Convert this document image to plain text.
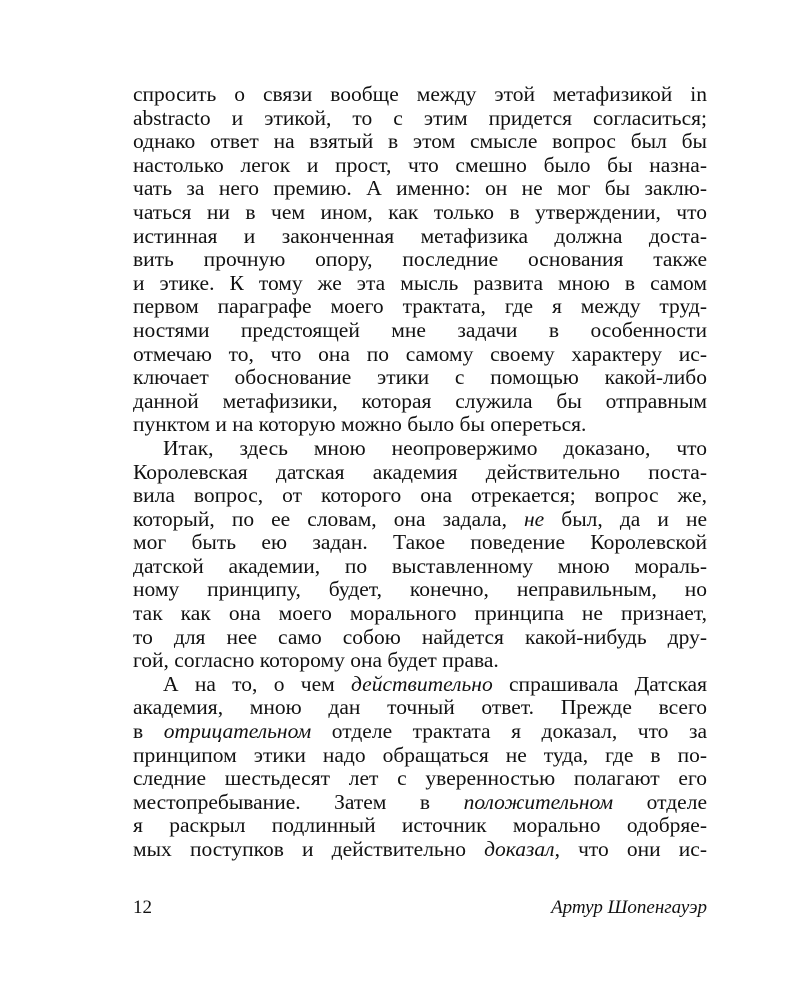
спросить о связи вообще между этой метафизикой in
abstracto и этикой, то с этим придется согласиться;
однако ответ на взятый в этом смысле вопрос был бы
настолько легок и прост, что смешно было бы назна-
чать за него премию. А именно: он не мог бы заклю-
чаться ни в чем ином, как только в утверждении, что
истинная и законченная метафизика должна доста-
вить прочную опору, последние основания также
и этике. К тому же эта мысль развита мною в самом
первом параграфе моего трактата, где я между труд-
ностями предстоящей мне задачи в особенности
отмечаю то, что она по самому своему характеру ис-
ключает обоснование этики с помощью какой-либо
данной метафизики, которая служила бы отправным
пунктом и на которую можно было бы опереться.
Итак, здесь мною неопровержимо доказано, что
Королевская датская академия действительно поста-
вила вопрос, от которого она отрекается; вопрос же,
который, по ее словам, она задала, не был, да и не
мог быть ею задан. Такое поведение Королевской
датской академии, по выставленному мною мораль-
ному принципу, будет, конечно, неправильным, но
так как она моего морального принципа не признает,
то для нее само собою найдется какой-нибудь дру-
гой, согласно которому она будет права.
А на то, о чем действительно спрашивала Датская
академия, мною дан точный ответ. Прежде всего
в отрицательном отделе трактата я доказал, что за
принципом этики надо обращаться не туда, где в по-
следние шестьдесят лет с уверенностью полагают его
местопребывание. Затем в положительном отделе
я раскрыл подлинный источник морально одобряе-
мых поступков и действительно доказал, что они ис-
12	Артур Шопенгауэр
